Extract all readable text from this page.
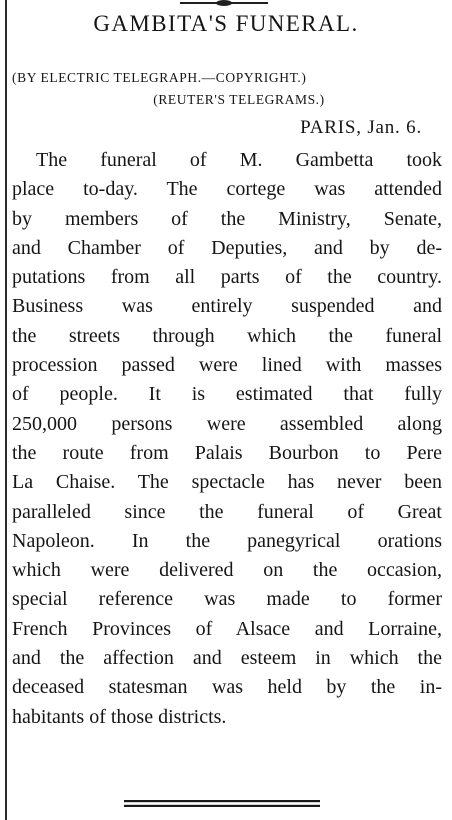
GAMBITA'S FUNERAL.
(BY ELECTRIC TELEGRAPH.—COPYRIGHT.)
(REUTER'S TELEGRAMS.)
PARIS, Jan. 6.
The funeral of M. Gambetta took
place to-day. The cortege was attended
by members of the Ministry, Senate,
and Chamber of Deputies, and by de-
putations from all parts of the country.
Business was entirely suspended and
the streets through which the funeral
procession passed were lined with masses
of people. It is estimated that fully
250,000 persons were assembled along
the route from Palais Bourbon to Pere
La Chaise. The spectacle has never been
paralleled since the funeral of Great
Napoleon. In the panegyrical orations
which were delivered on the occasion,
special reference was made to former
French Provinces of Alsace and Lorraine,
and the affection and esteem in which the
deceased statesman was held by the in-
habitants of those districts.
